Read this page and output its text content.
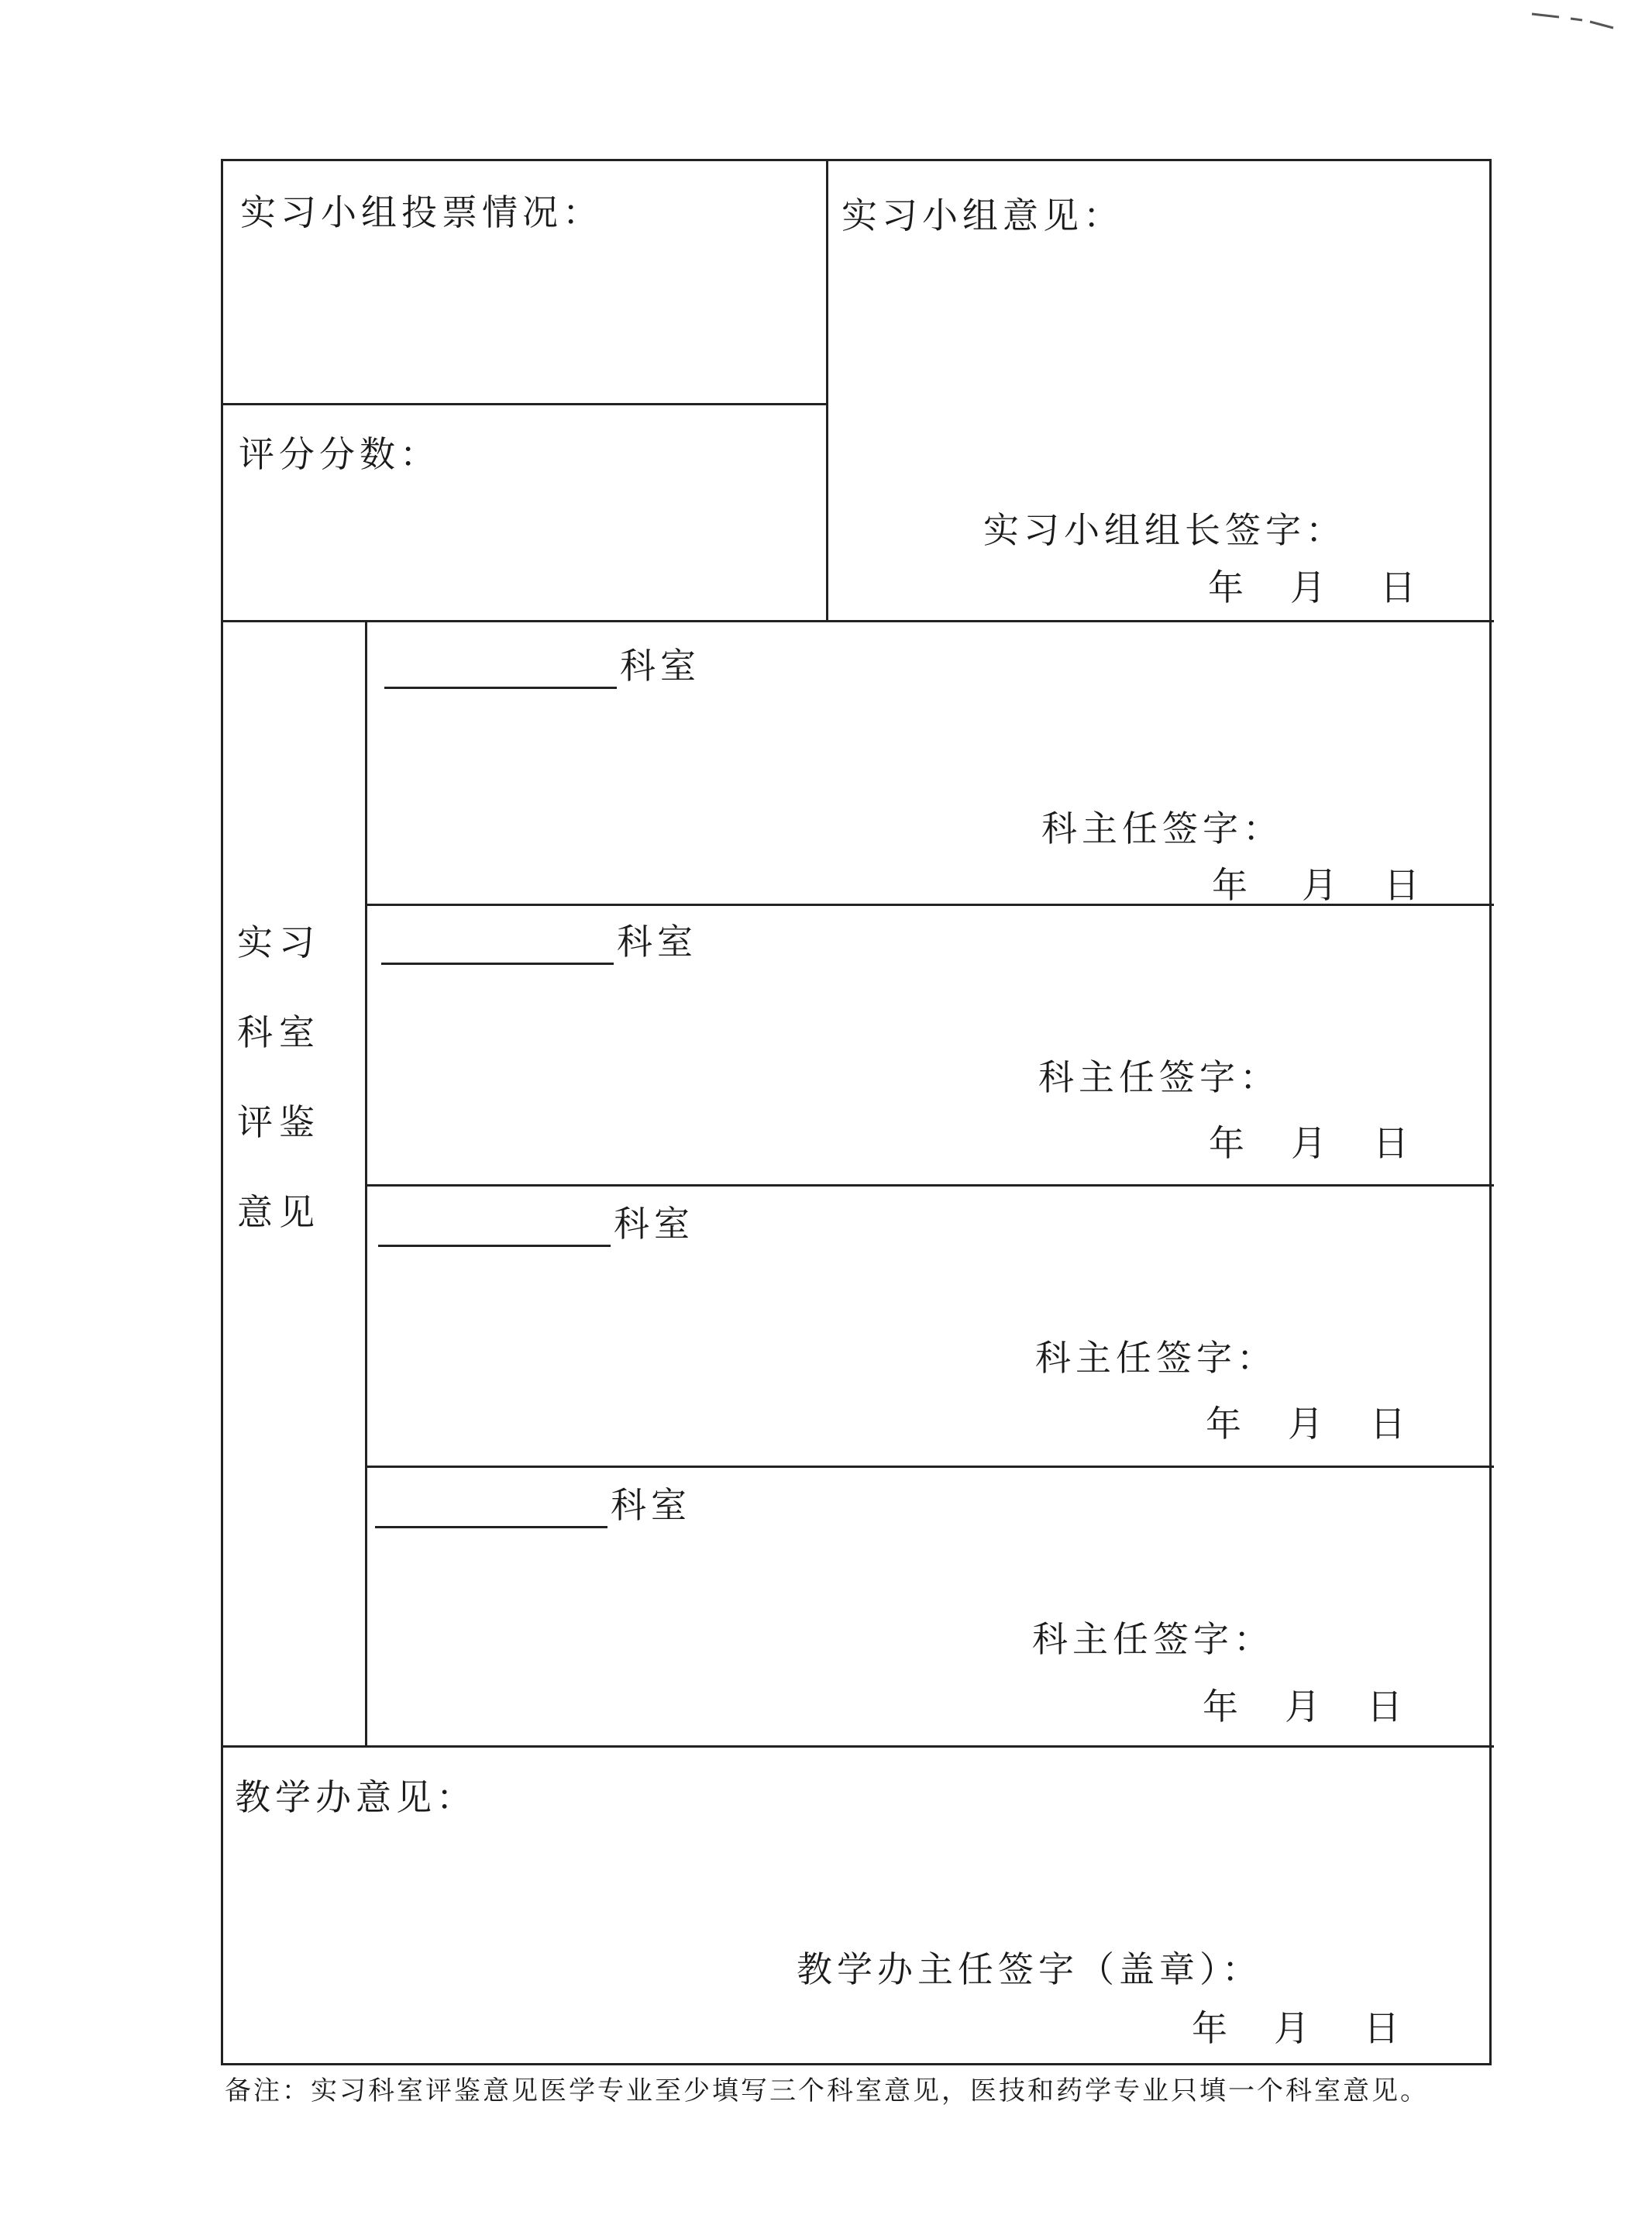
实习小组投票情况：
评分分数：
实习小组意见：
实习小组组长签字：
年 月 日
实习
科室
评鉴
意见
科室
科主任签字：
年 月 日
科室
科主任签字：
年 月 日
科室
科主任签字：
年 月 日
科室
科主任签字：
年 月 日
教学办意见：
教学办主任签字（盖章）：
年 月 日
备注：实习科室评鉴意见医学专业至少填写三个科室意见，医技和药学专业只填一个科室意见。
